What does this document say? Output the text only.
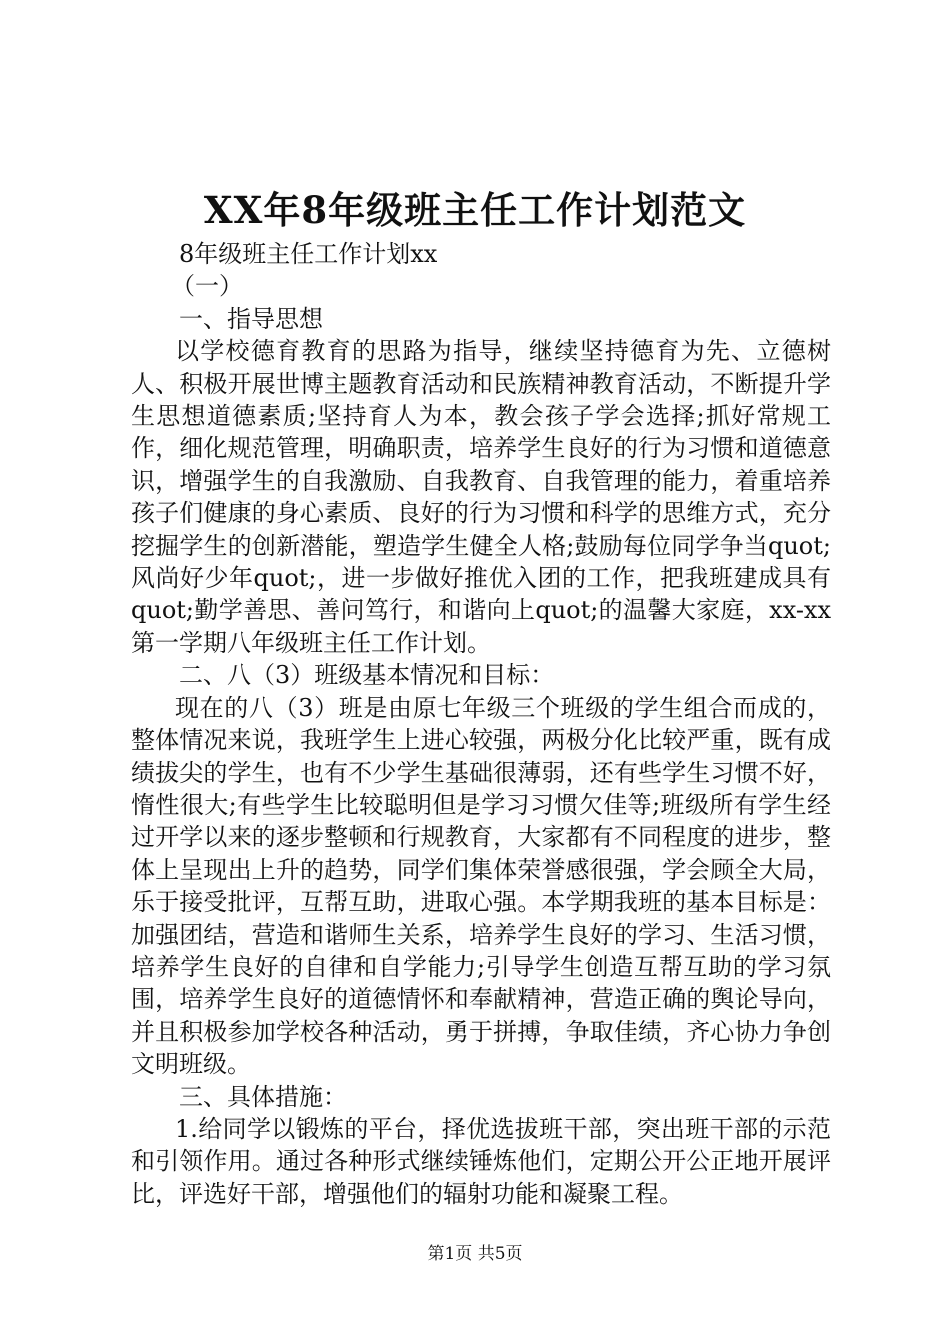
XX年8年级班主任工作计划范文

8年级班主任工作计划xx

（一）

一、指导思想

以学校德育教育的思路为指导，继续坚持德育为先、立德树人、积极开展世博主题教育活动和民族精神教育活动，不断提升学生思想道德素质;坚持育人为本，教会孩子学会选择;抓好常规工作，细化规范管理，明确职责，培养学生良好的行为习惯和道德意识，增强学生的自我激励、自我教育、自我管理的能力，着重培养孩子们健康的身心素质、良好的行为习惯和科学的思维方式，充分挖掘学生的创新潜能，塑造学生健全人格;鼓励每位同学争当quot;风尚好少年quot;，进一步做好推优入团的工作，把我班建成具有quot;勤学善思、善问笃行，和谐向上quot;的温馨大家庭，xx-xx第一学期八年级班主任工作计划。

二、八（3）班级基本情况和目标：

现在的八（3）班是由原七年级三个班级的学生组合而成的，整体情况来说，我班学生上进心较强，两极分化比较严重，既有成绩拔尖的学生，也有不少学生基础很薄弱，还有些学生习惯不好，惰性很大;有些学生比较聪明但是学习习惯欠佳等;班级所有学生经过开学以来的逐步整顿和行规教育，大家都有不同程度的进步，整体上呈现出上升的趋势，同学们集体荣誉感很强，学会顾全大局，乐于接受批评，互帮互助，进取心强。本学期我班的基本目标是：加强团结，营造和谐师生关系，培养学生良好的学习、生活习惯，培养学生良好的自律和自学能力;引导学生创造互帮互助的学习氛围，培养学生良好的道德情怀和奉献精神，营造正确的舆论导向，并且积极参加学校各种活动，勇于拼搏，争取佳绩，齐心协力争创文明班级。

三、具体措施：

1.给同学以锻炼的平台，择优选拔班干部，突出班干部的示范和引领作用。通过各种形式继续锤炼他们，定期公开公正地开展评比，评选好干部，增强他们的辐射功能和凝聚工程。

第1页 共5页
